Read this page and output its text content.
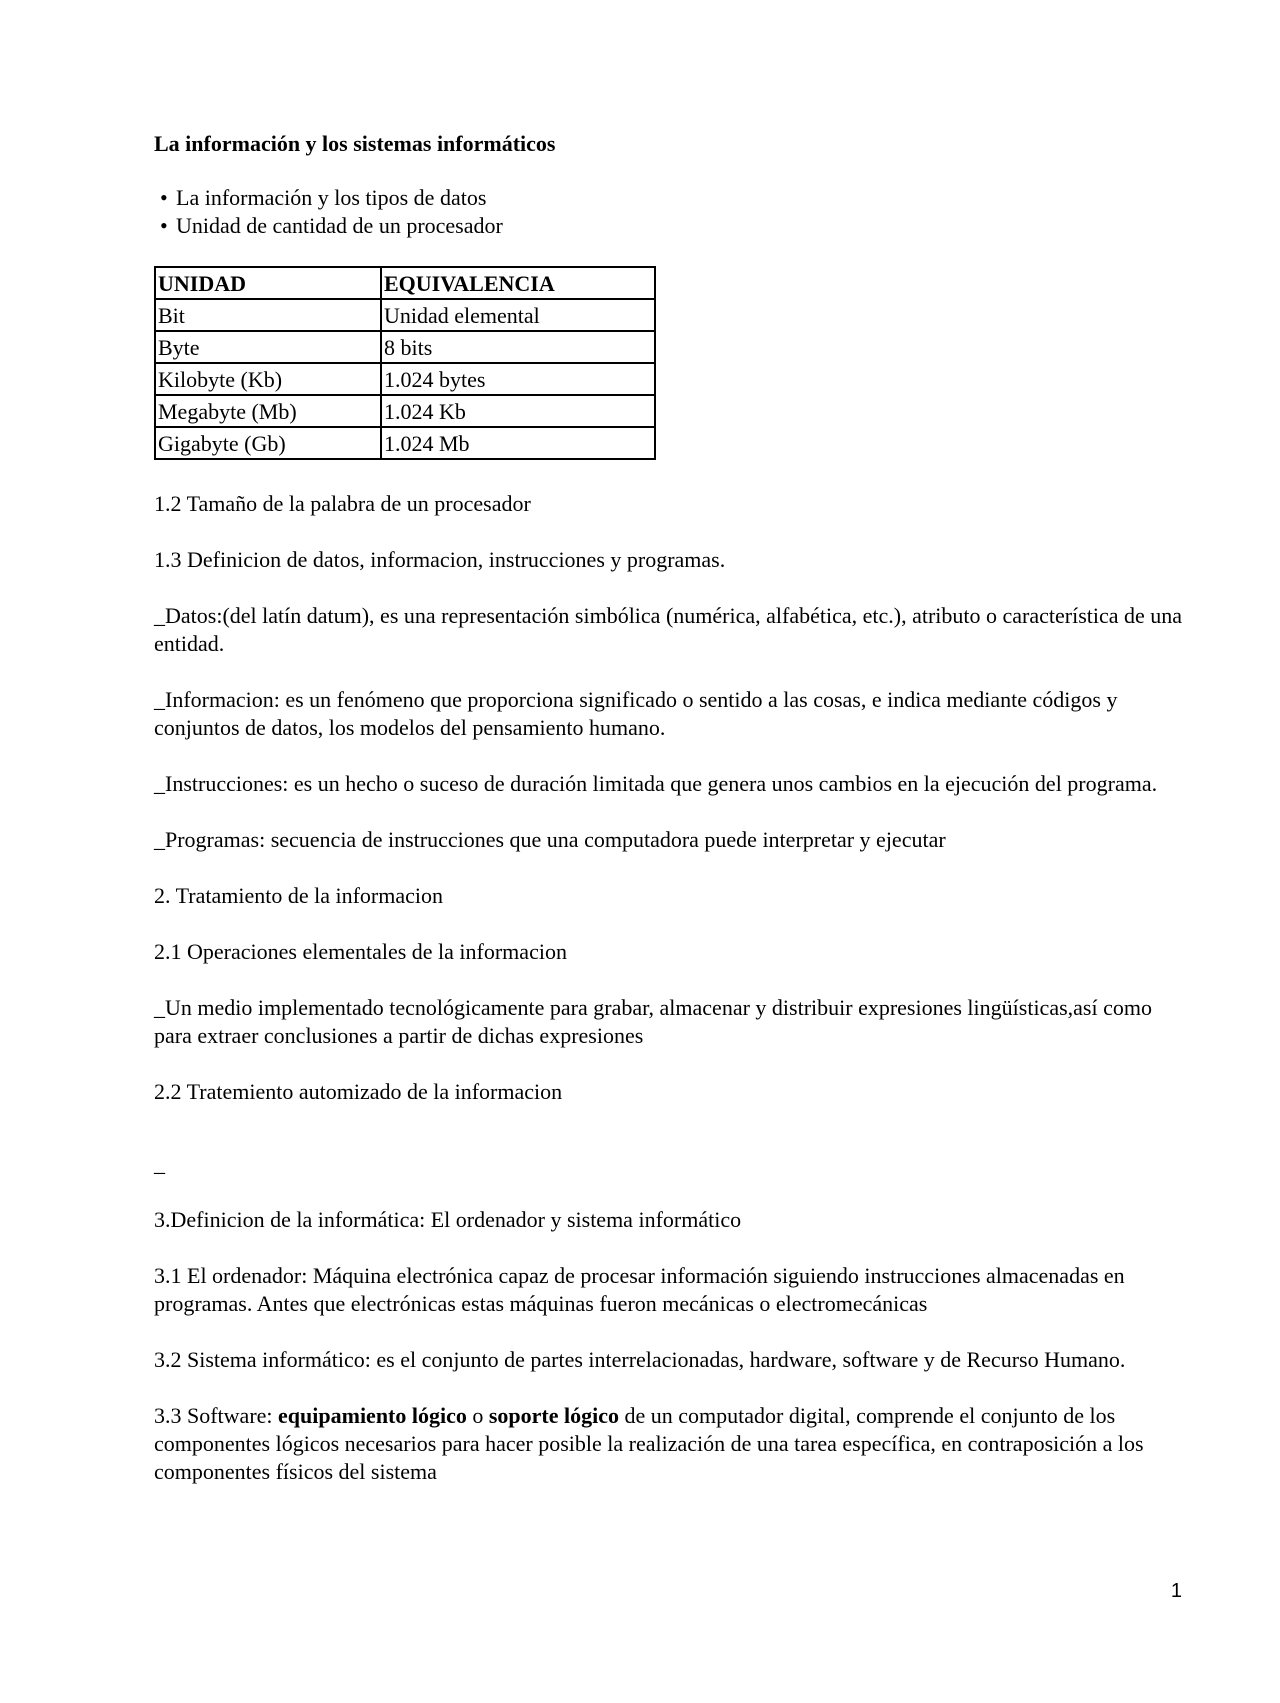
La información y los sistemas informáticos
• La información y los tipos de datos
• Unidad de cantidad de un procesador
UNIDAD	EQUIVALENCIA
Bit	Unidad elemental
Byte	8 bits
Kilobyte (Kb)	1.024 bytes
Megabyte (Mb)	1.024 Kb
Gigabyte (Gb)	1.024 Mb

1.2 Tamaño de la palabra de un procesador

1.3 Definicion de datos, informacion, instrucciones y programas.

_Datos:(del latín datum), es una representación simbólica (numérica, alfabética, etc.), atributo o característica de una entidad.

_Informacion: es un fenómeno que proporciona significado o sentido a las cosas, e indica mediante códigos y conjuntos de datos, los modelos del pensamiento humano.

_Instrucciones: es un hecho o suceso de duración limitada que genera unos cambios en la ejecución del programa.

_Programas: secuencia de instrucciones que una computadora puede interpretar y ejecutar

2. Tratamiento de la informacion

2.1 Operaciones elementales de la informacion

_Un medio implementado tecnológicamente para grabar, almacenar y distribuir expresiones lingüísticas,así como para extraer conclusiones a partir de dichas expresiones

2.2 Tratemiento automizado de la informacion

_

3.Definicion de la informática: El ordenador y sistema informático

3.1 El ordenador: Máquina electrónica capaz de procesar información siguiendo instrucciones almacenadas en programas. Antes que electrónicas estas máquinas fueron mecánicas o electromecánicas

3.2 Sistema informático: es el conjunto de partes interrelacionadas, hardware, software y de Recurso Humano.

3.3 Software: equipamiento lógico o soporte lógico de un computador digital, comprende el conjunto de los componentes lógicos necesarios para hacer posible la realización de una tarea específica, en contraposición a los componentes físicos del sistema

1
